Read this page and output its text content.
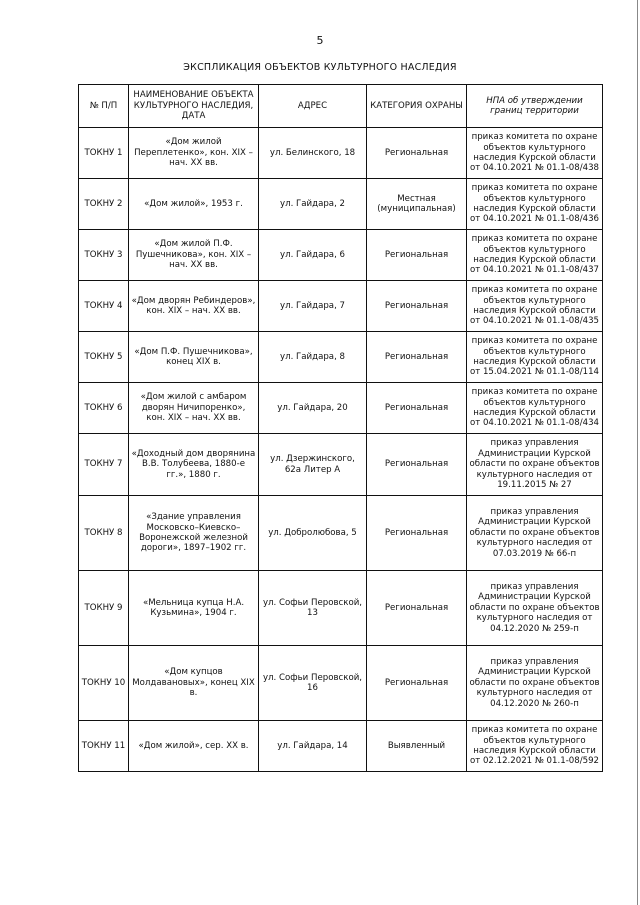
5
ЭКСПЛИКАЦИЯ ОБЪЕКТОВ КУЛЬТУРНОГО НАСЛЕДИЯ
№ П/П	НАИМЕНОВАНИЕ ОБЪЕКТА КУЛЬТУРНОГО НАСЛЕДИЯ, ДАТА	АДРЕС	КАТЕГОРИЯ ОХРАНЫ	НПА об утверждении границ территории
ТОКНУ 1	«Дом жилой Переплетенко», кон. XIX – нач. XX вв.	ул. Белинского, 18	Региональная	приказ комитета по охране объектов культурного наследия Курской области от 04.10.2021 № 01.1-08/438
ТОКНУ 2	«Дом жилой», 1953 г.	ул. Гайдара, 2	Местная (муниципальная)	приказ комитета по охране объектов культурного наследия Курской области от 04.10.2021 № 01.1-08/436
ТОКНУ 3	«Дом жилой П.Ф. Пушечникова», кон. XIX – нач. XX вв.	ул. Гайдара, 6	Региональная	приказ комитета по охране объектов культурного наследия Курской области от 04.10.2021 № 01.1-08/437
ТОКНУ 4	«Дом дворян Ребиндеров», кон. XIX – нач. XX вв.	ул. Гайдара, 7	Региональная	приказ комитета по охране объектов культурного наследия Курской области от 04.10.2021 № 01.1-08/435
ТОКНУ 5	«Дом П.Ф. Пушечникова», конец XIX в.	ул. Гайдара, 8	Региональная	приказ комитета по охране объектов культурного наследия Курской области от 15.04.2021 № 01.1-08/114
ТОКНУ 6	«Дом жилой с амбаром дворян Ничипоренко», кон. XIX – нач. XX вв.	ул. Гайдара, 20	Региональная	приказ комитета по охране объектов культурного наследия Курской области от 04.10.2021 № 01.1-08/434
ТОКНУ 7	«Доходный дом дворянина В.В. Толубеева, 1880-е гг.», 1880 г.	ул. Дзержинского, 62а Литер А	Региональная	приказ управления Администрации Курской области по охране объектов культурного наследия от 19.11.2015 № 27
ТОКНУ 8	«Здание управления Московско–Киевско–Воронежской железной дороги», 1897–1902 гг.	ул. Добролюбова, 5	Региональная	приказ управления Администрации Курской области по охране объектов культурного наследия от 07.03.2019 № 66-п
ТОКНУ 9	«Мельница купца Н.А. Кузьмина», 1904 г.	ул. Софьи Перовской, 13	Региональная	приказ управления Администрации Курской области по охране объектов культурного наследия от 04.12.2020 № 259-п
ТОКНУ 10	«Дом купцов Молдавановых», конец XIX в.	ул. Софьи Перовской, 16	Региональная	приказ управления Администрации Курской области по охране объектов культурного наследия от 04.12.2020 № 260-п
ТОКНУ 11	«Дом жилой», сер. XX в.	ул. Гайдара, 14	Выявленный	приказ комитета по охране объектов культурного наследия Курской области от 02.12.2021 № 01.1-08/592
